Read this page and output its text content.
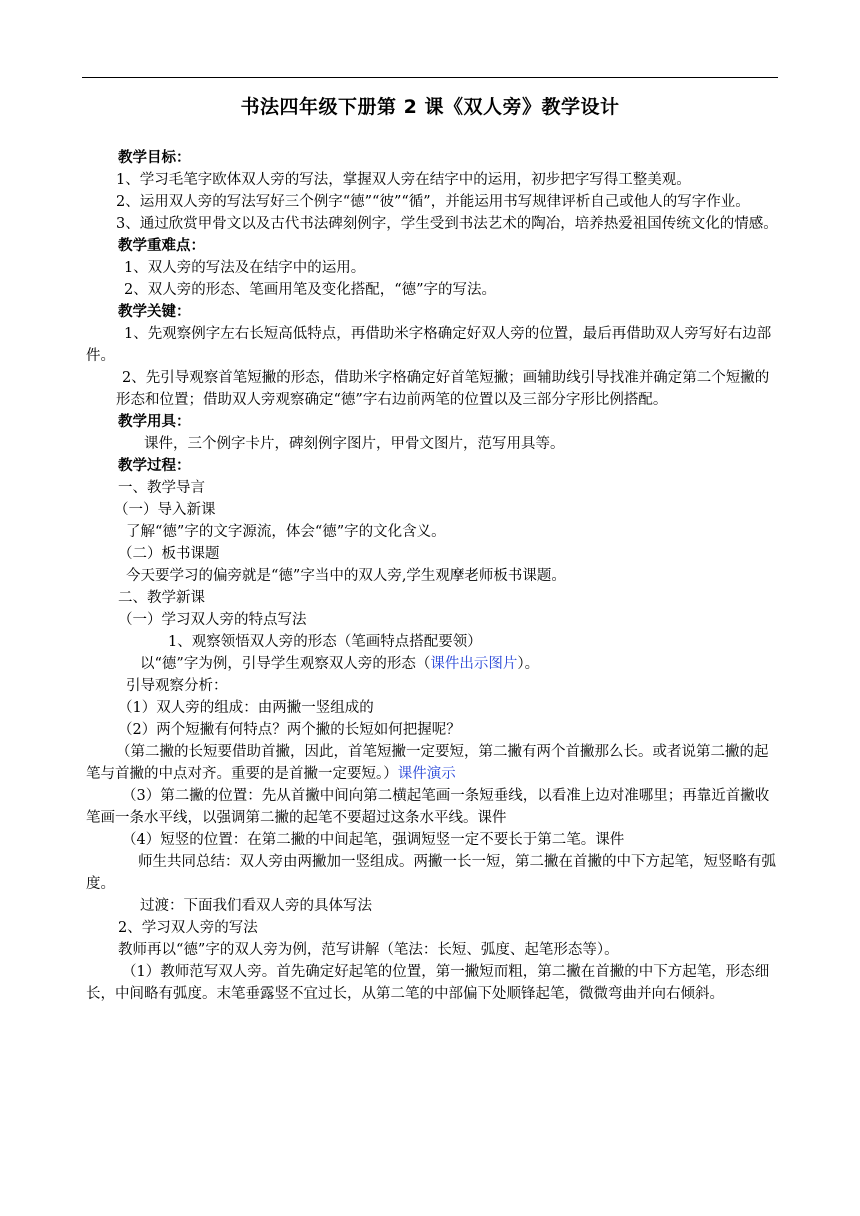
书法四年级下册第 2 课《双人旁》教学设计

教学目标：

1、学习毛笔字欧体双人旁的写法，掌握双人旁在结字中的运用，初步把字写得工整美观。

2、运用双人旁的写法写好三个例字“德”“彼”“循”，并能运用书写规律评析自己或他人的写字作业。

3、通过欣赏甲骨文以及古代书法碑刻例字，学生受到书法艺术的陶冶，培养热爱祖国传统文化的情感。

教学重难点：

1、双人旁的写法及在结字中的运用。

2、双人旁的形态、笔画用笔及变化搭配，“德”字的写法。

教学关键：

1、先观察例字左右长短高低特点，再借助米字格确定好双人旁的位置，最后再借助双人旁写好右边部件。

2、先引导观察首笔短撇的形态，借助米字格确定好首笔短撇；画辅助线引导找准并确定第二个短撇的形态和位置；借助双人旁观察确定“德”字右边前两笔的位置以及三部分字形比例搭配。

教学用具：

课件，三个例字卡片，碑刻例字图片，甲骨文图片，范写用具等。

教学过程：

一、教学导言

（一）导入新课

了解“德”字的文字源流，体会“德”字的文化含义。

（二）板书课题

今天要学习的偏旁就是“德”字当中的双人旁,学生观摩老师板书课题。

二、教学新课

（一）学习双人旁的特点写法

1、观察领悟双人旁的形态（笔画特点搭配要领）

以“德”字为例，引导学生观察双人旁的形态（课件出示图片）。

引导观察分析：

（1）双人旁的组成：由两撇一竖组成的

（2）两个短撇有何特点？两个撇的长短如何把握呢？

（第二撇的长短要借助首撇，因此，首笔短撇一定要短，第二撇有两个首撇那么长。或者说第二撇的起笔与首撇的中点对齐。重要的是首撇一定要短。）课件演示

（3）第二撇的位置：先从首撇中间向第二横起笔画一条短垂线，以看准上边对准哪里；再靠近首撇收笔画一条水平线，以强调第二撇的起笔不要超过这条水平线。课件

（4）短竖的位置：在第二撇的中间起笔，强调短竖一定不要长于第二笔。课件

师生共同总结：双人旁由两撇加一竖组成。两撇一长一短，第二撇在首撇的中下方起笔，短竖略有弧度。

过渡：下面我们看双人旁的具体写法

2、学习双人旁的写法

教师再以“德”字的双人旁为例，范写讲解（笔法：长短、弧度、起笔形态等）。

（1）教师范写双人旁。首先确定好起笔的位置，第一撇短而粗，第二撇在首撇的中下方起笔，形态细长，中间略有弧度。末笔垂露竖不宜过长，从第二笔的中部偏下处顺锋起笔，微微弯曲并向右倾斜。
